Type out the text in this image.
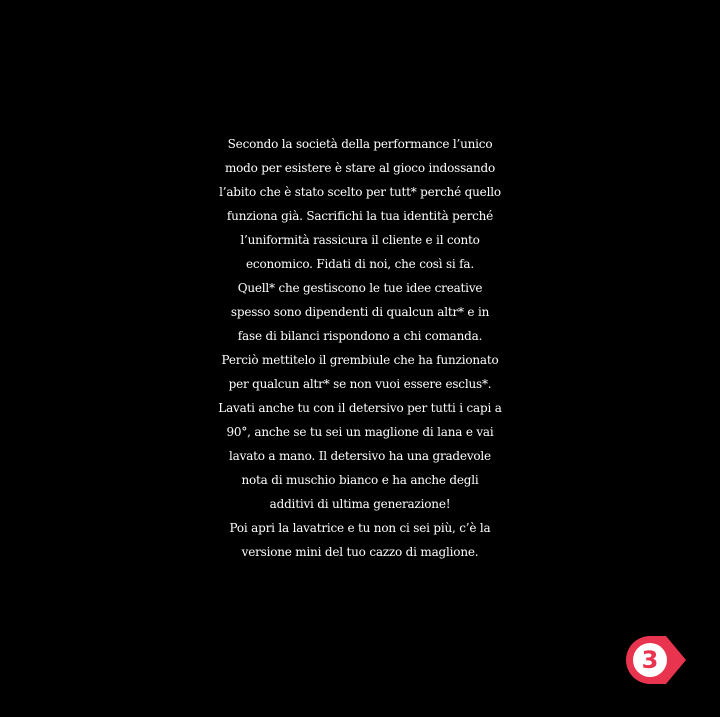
Secondo la società della performance l’unico
modo per esistere è stare al gioco indossando
l’abito che è stato scelto per tutt* perché quello
funziona già. Sacrifichi la tua identità perché
l’uniformità rassicura il cliente e il conto
economico. Fidati di noi, che così si fa.
Quell* che gestiscono le tue idee creative
spesso sono dipendenti di qualcun altr* e in
fase di bilanci rispondono a chi comanda.
Perciò mettitelo il grembiule che ha funzionato
per qualcun altr* se non vuoi essere esclus*.
Lavati anche tu con il detersivo per tutti i capi a
90°, anche se tu sei un maglione di lana e vai
lavato a mano. Il detersivo ha una gradevole
nota di muschio bianco e ha anche degli
additivi di ultima generazione!
Poi apri la lavatrice e tu non ci sei più, c’è la
versione mini del tuo cazzo di maglione.
3
